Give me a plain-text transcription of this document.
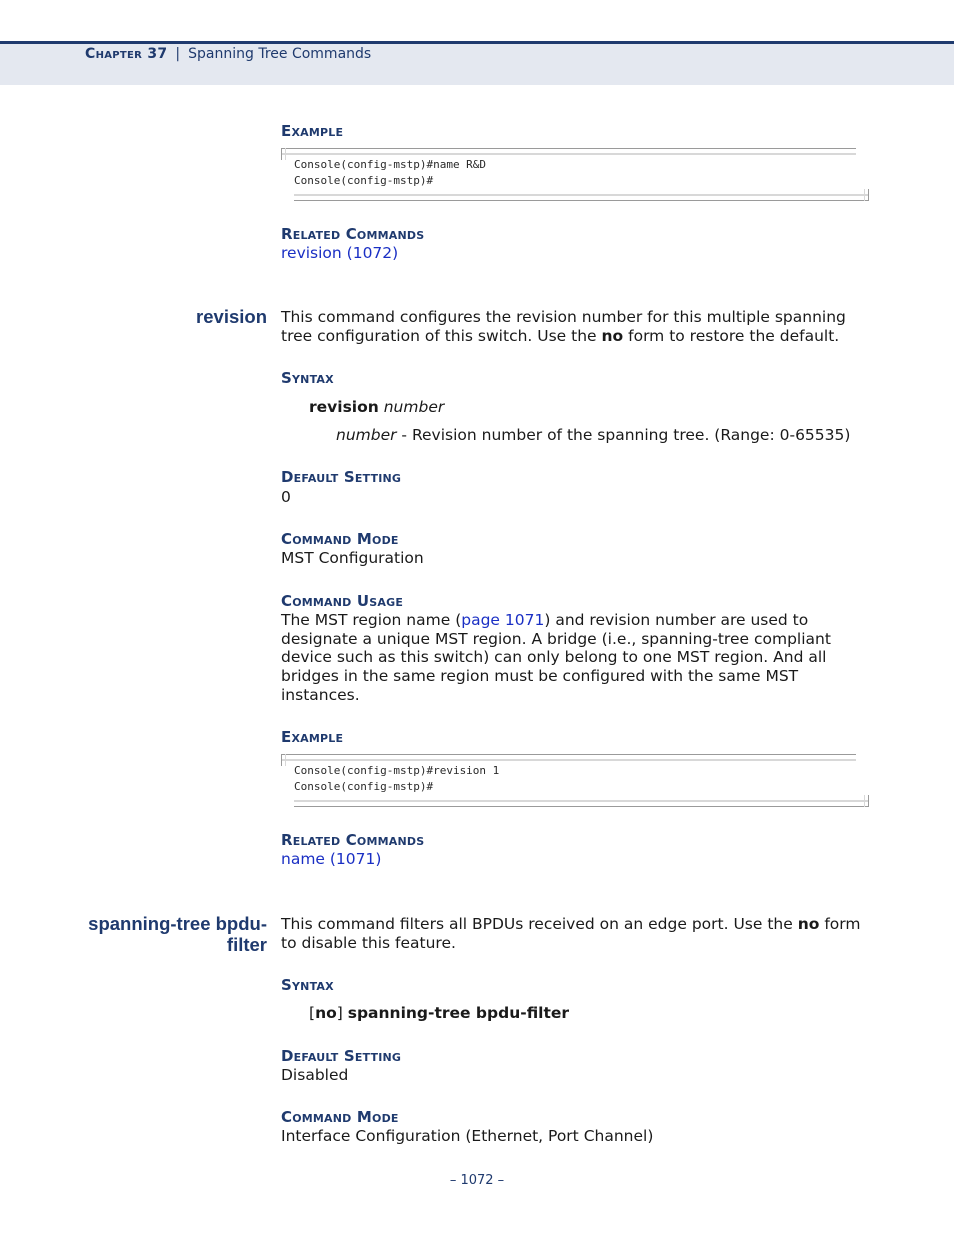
Chapter 37 | Spanning Tree Commands
Example
Console(config-mstp)#name R&D
Console(config-mstp)#
Related Commands
revision (1072)
revision This command configures the revision number for this multiple spanning tree configuration of this switch. Use the no form to restore the default.
Syntax
revision number
number - Revision number of the spanning tree. (Range: 0-65535)
Default Setting
0
Command Mode
MST Configuration
Command Usage
The MST region name (page 1071) and revision number are used to designate a unique MST region. A bridge (i.e., spanning-tree compliant device such as this switch) can only belong to one MST region. And all bridges in the same region must be configured with the same MST instances.
Example
Console(config-mstp)#revision 1
Console(config-mstp)#
Related Commands
name (1071)
spanning-tree bpdu-
filter
This command filters all BPDUs received on an edge port. Use the no form to disable this feature.
Syntax
[no] spanning-tree bpdu-filter
Default Setting
Disabled
Command Mode
Interface Configuration (Ethernet, Port Channel)
– 1072 –
